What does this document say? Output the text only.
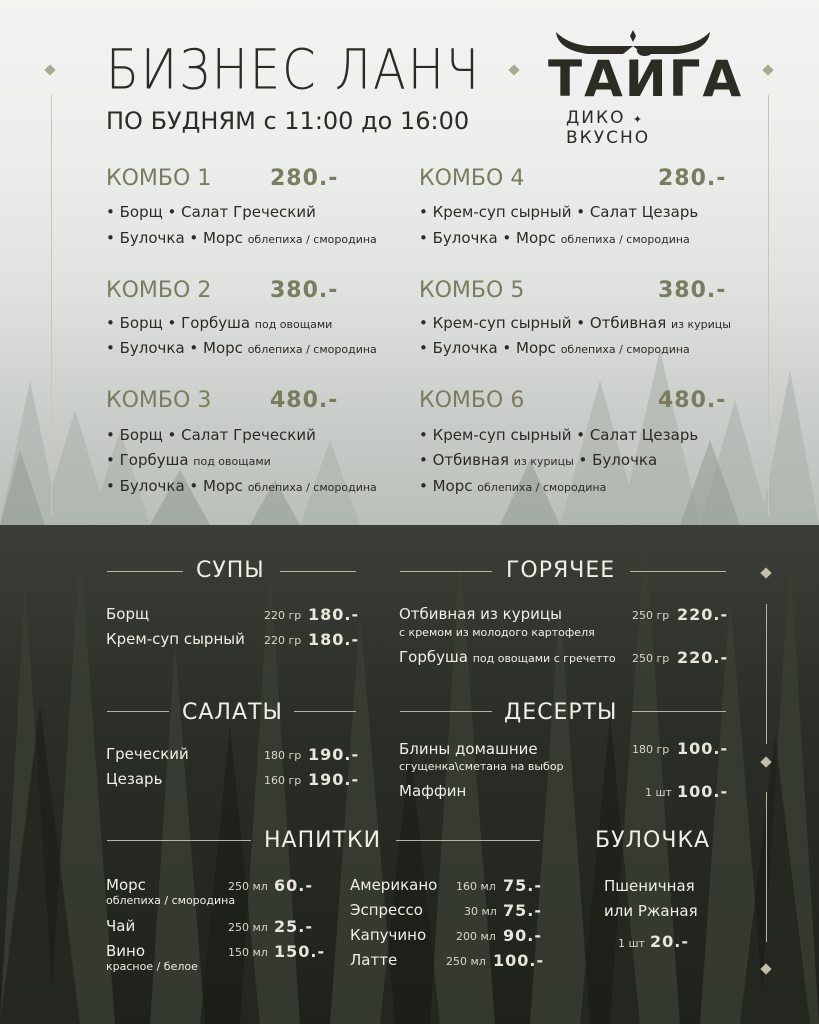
БИЗНЕС ЛАНЧ
ПО БУДНЯМ с 11:00 до 16:00
ТАЙГА
ДИКО ✦ ВКУСНО
КОМБО 1	280.-
• Борщ • Салат Греческий
• Булочка • Морс облепиха / смородина
КОМБО 2	380.-
• Борщ • Горбуша под овощами
• Булочка • Морс облепиха / смородина
КОМБО 3	480.-
• Борщ • Салат Греческий
• Горбуша под овощами
• Булочка • Морс облепиха / смородина
КОМБО 4	280.-
• Крем-суп сырный • Салат Цезарь
• Булочка • Морс облепиха / смородина
КОМБО 5	380.-
• Крем-суп сырный • Отбивная из курицы
• Булочка • Морс облепиха / смородина
КОМБО 6	480.-
• Крем-суп сырный • Салат Цезарь
• Отбивная из курицы • Булочка
• Морс облепиха / смородина
СУПЫ	ГОРЯЧЕЕ
Борщ	220 гр 180.-
Крем-суп сырный 220 гр 180.-
Отбивная из курицы
с кремом из молодого картофеля
250 гр 220.-
Горбуша под овощами с гречетто 250 гр 220.-
САЛАТЫ
Греческий	180 гр 190.-
Цезарь	160 гр 190.-
ДЕСЕРТЫ
Блины домашние
сгущенка\сметана на выбор
180 гр 100.-
Маффин	1 шт 100.-
НАПИТКИ
Морс
облепиха / смородина
250 мл 60.-
Чай	250 мл 25.-
Вино
красное / белое
150 мл 150.-
Американо 160 мл 75.-
Эспрессо	30 мл 75.-
Капучино	200 мл 90.-
Латте	250 мл 100.-
БУЛОЧКА
Пшеничная
или Ржаная
1 шт 20.-
